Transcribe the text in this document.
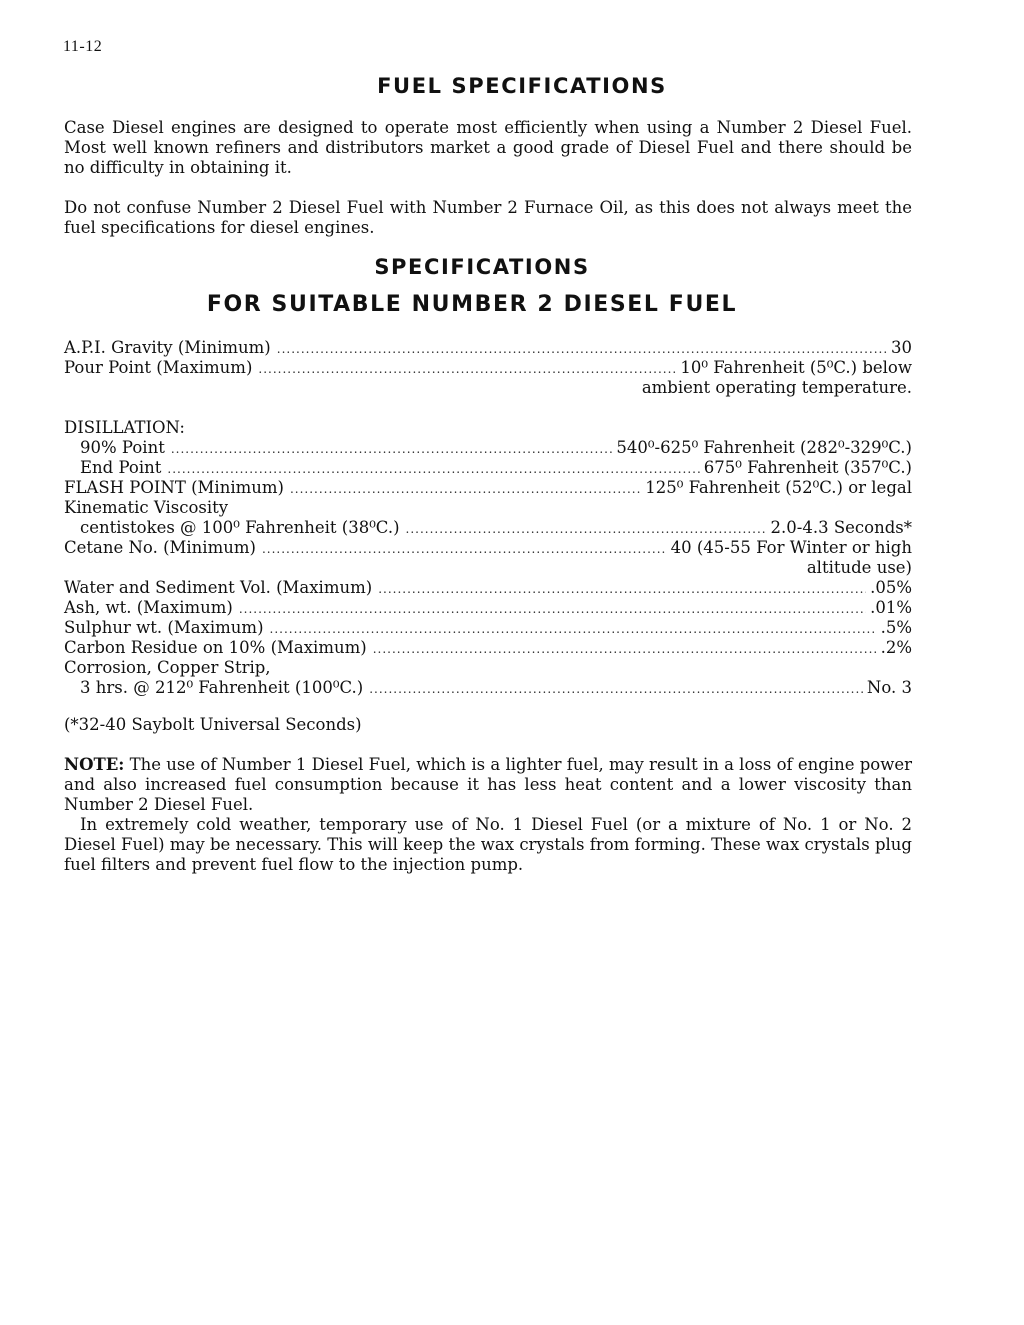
11-12
FUEL SPECIFICATIONS
Case Diesel engines are designed to operate most efficiently when using a Number 2 Diesel Fuel. Most well known refiners and distributors market a good grade of Diesel Fuel and there should be no difficulty in obtaining it.
Do not confuse Number 2 Diesel Fuel with Number 2 Furnace Oil, as this does not always meet the fuel specifications for diesel engines.
SPECIFICATIONS
FOR SUITABLE NUMBER 2 DIESEL FUEL
A.P.I. Gravity (Minimum) .....	30
Pour Point (Maximum) .....	10⁰ Fahrenheit (5⁰C.) below
ambient operating temperature.
DISILLATION:
90% Point .....	540⁰-625⁰ Fahrenheit (282⁰-329⁰C.)
End Point .....	675⁰ Fahrenheit (357⁰C.)
FLASH POINT (Minimum) .....	125⁰ Fahrenheit (52⁰C.) or legal
Kinematic Viscosity
centistokes @ 100⁰ Fahrenheit (38⁰C.) .....	2.0-4.3 Seconds*
Cetane No. (Minimum) .....	40 (45-55 For Winter or high
altitude use)
Water and Sediment Vol. (Maximum) .....	.05%
Ash, wt. (Maximum) .....	.01%
Sulphur wt. (Maximum) .....	.5%
Carbon Residue on 10% (Maximum) .....	.2%
Corrosion, Copper Strip,
3 hrs. @ 212⁰ Fahrenheit (100⁰C.) .....	No. 3
(*32-40 Saybolt Universal Seconds)

NOTE: The use of Number 1 Diesel Fuel, which is a lighter fuel, may result in a loss of engine power and also increased fuel consumption because it has less heat content and a lower viscosity than Number 2 Diesel Fuel.

In extremely cold weather, temporary use of No. 1 Diesel Fuel (or a mixture of No. 1 or No. 2 Diesel Fuel) may be necessary. This will keep the wax crystals from forming. These wax crystals plug fuel filters and prevent fuel flow to the injection pump.
